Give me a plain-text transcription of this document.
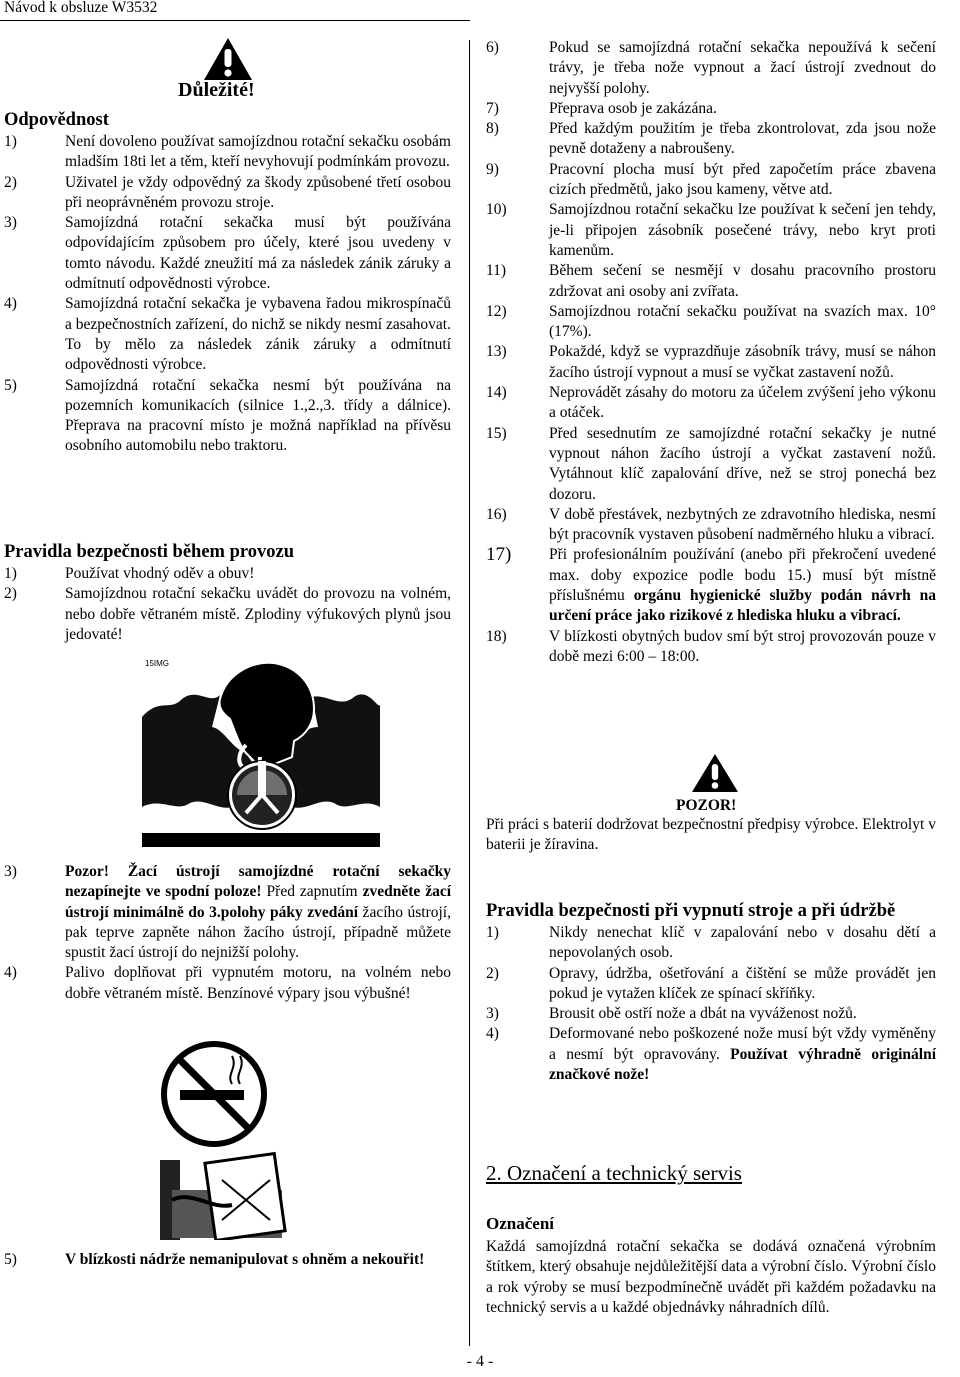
Návod k obsluze W3532
Důležité!
Odpovědnost
1)	Není dovoleno používat samojízdnou rotační sekačku osobám mladším 18ti let a těm, kteří nevyhovují podmínkám provozu.
2)	Uživatel je vždy odpovědný za škody způsobené třetí osobou při neoprávněném provozu stroje.
3)	Samojízdná rotační sekačka musí být používána odpovídajícím způsobem pro účely, které jsou uvedeny v tomto návodu. Každé zneužití má za následek zánik záruky a odmítnutí odpovědnosti výrobce.
4)	Samojízdná rotační sekačka je vybavena řadou mikrospínačů a bezpečnostních zařízení, do nichž se nikdy nesmí zasahovat. To by mělo za následek zánik záruky a odmítnutí odpovědnosti výrobce.
5)	Samojízdná rotační sekačka nesmí být používána na pozemních komunikacích (silnice 1.,2.,3. třídy a dálnice). Přeprava na pracovní místo je možná například na přívěsu osobního automobilu nebo traktoru.
Pravidla bezpečnosti během provozu
1)	Používat vhodný oděv a obuv!
2)	Samojízdnou rotační sekačku uvádět do provozu na volném, nebo dobře větraném místě. Zplodiny výfukových plynů jsou jedovaté!
15IMG
3)	Pozor! Žací ústrojí samojízdné rotační sekačky nezapínejte ve spodní poloze! Před zapnutím zvedněte žací ústrojí minimálně do 3.polohy páky zvedání žacího ústrojí, pak teprve zapněte náhon žacího ústrojí, případně můžete spustit žací ústrojí do nejnižší polohy.
4)	Palivo doplňovat při vypnutém motoru, na volném nebo dobře větraném místě. Benzínové výpary jsou výbušné!
5)	V blízkosti nádrže nemanipulovat s ohněm a nekouřit!
6)	Pokud se samojízdná rotační sekačka nepoužívá k sečení trávy, je třeba nože vypnout a žací ústrojí zvednout do nejvyšší polohy.
7)	Přeprava osob je zakázána.
8)	Před každým použitím je třeba zkontrolovat, zda jsou nože pevně dotaženy a nabroušeny.
9)	Pracovní plocha musí být před započetím práce zbavena cizích předmětů, jako jsou kameny, větve atd.
10)	Samojízdnou rotační sekačku lze používat k sečení jen tehdy, je-li připojen zásobník posečené trávy, nebo kryt proti kamenům.
11)	Během sečení se nesmějí v dosahu pracovního prostoru zdržovat ani osoby ani zvířata.
12)	Samojízdnou rotační sekačku používat na svazích max. 10°(17%).
13)	Pokaždé, když se vyprazdňuje zásobník trávy, musí se náhon žacího ústrojí vypnout a musí se vyčkat zastavení nožů.
14)	Neprovádět zásahy do motoru za účelem zvýšení jeho výkonu a otáček.
15)	Před sesednutím ze samojízdné rotační sekačky je nutné vypnout náhon žacího ústrojí a vyčkat zastavení nožů. Vytáhnout klíč zapalování dříve, než se stroj ponechá bez dozoru.
16)	V době přestávek, nezbytných ze zdravotního hlediska, nesmí být pracovník vystaven působení nadměrného hluku a vibrací.
17)	Při profesionálním používání (anebo při překročení uvedené max. doby expozice podle bodu 15.) musí být místně příslušnému orgánu hygienické služby podán návrh na určení práce jako rizikové z hlediska hluku a vibrací.
18)	V blízkosti obytných budov smí být stroj provozován pouze v době mezi 6:00 – 18:00.
POZOR!
Při práci s baterií dodržovat bezpečnostní předpisy výrobce. Elektrolyt v baterii je žíravina.
Pravidla bezpečnosti při vypnutí stroje a při údržbě
1)	Nikdy nenechat klíč v zapalování nebo v dosahu dětí a nepovolaných osob.
2)	Opravy, údržba, ošetřování a čištění se může provádět jen pokud je vytažen klíček ze spínací skříňky.
3)	Brousit obě ostří nože a dbát na vyváženost nožů.
4)	Deformované nebo poškozené nože musí být vždy vyměněny a nesmí být opravovány. Používat výhradně originální značkové nože!
2. Označení a technický servis
Označení
Každá samojízdná rotační sekačka se dodává označená výrobním štítkem, který obsahuje nejdůležitější data a výrobní číslo. Výrobní číslo a rok výroby se musí bezpodmínečně uvádět při každém požadavku na technický servis a u každé objednávky náhradních dílů.
- 4 -
